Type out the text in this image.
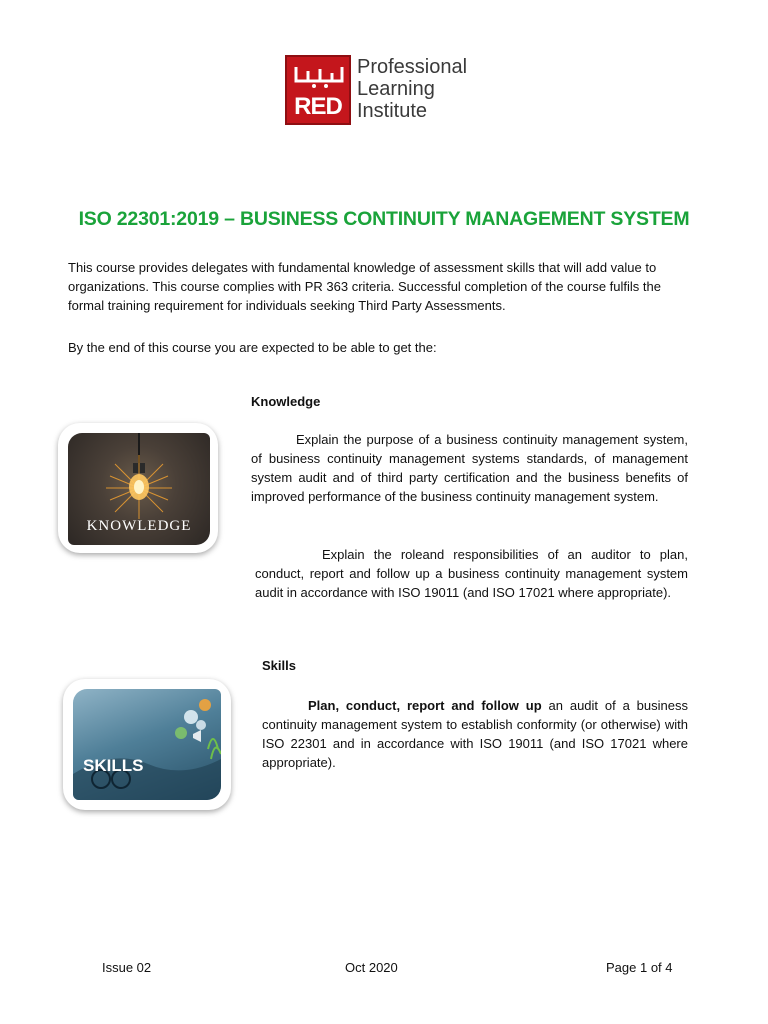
RED
Professional
Learning
Institute
ISO 22301:2019 – BUSINESS CONTINUITY MANAGEMENT SYSTEM
This course provides delegates with fundamental knowledge of assessment skills that will add value to organizations. This course complies with PR 363 criteria. Successful completion of the course fulfils the formal training requirement for individuals seeking Third Party Assessments.
By the end of this course you are expected to be able to get the:
Knowledge
KNOWLEDGE
Explain the purpose of a business continuity management system, of business continuity management systems standards, of management system audit and of third party certification and the business benefits of improved performance of the business continuity management system.
Explain the roleand responsibilities of an auditor to plan, conduct, report and follow up a business continuity management system audit in accordance with ISO 19011 (and ISO 17021 where appropriate).
Skills
SKILLS
Plan, conduct, report and follow up an audit of a business continuity management system to establish conformity (or otherwise) with ISO 22301 and in accordance with ISO 19011 (and ISO 17021 where appropriate).
Issue 02	Oct 2020	Page 1 of 4
